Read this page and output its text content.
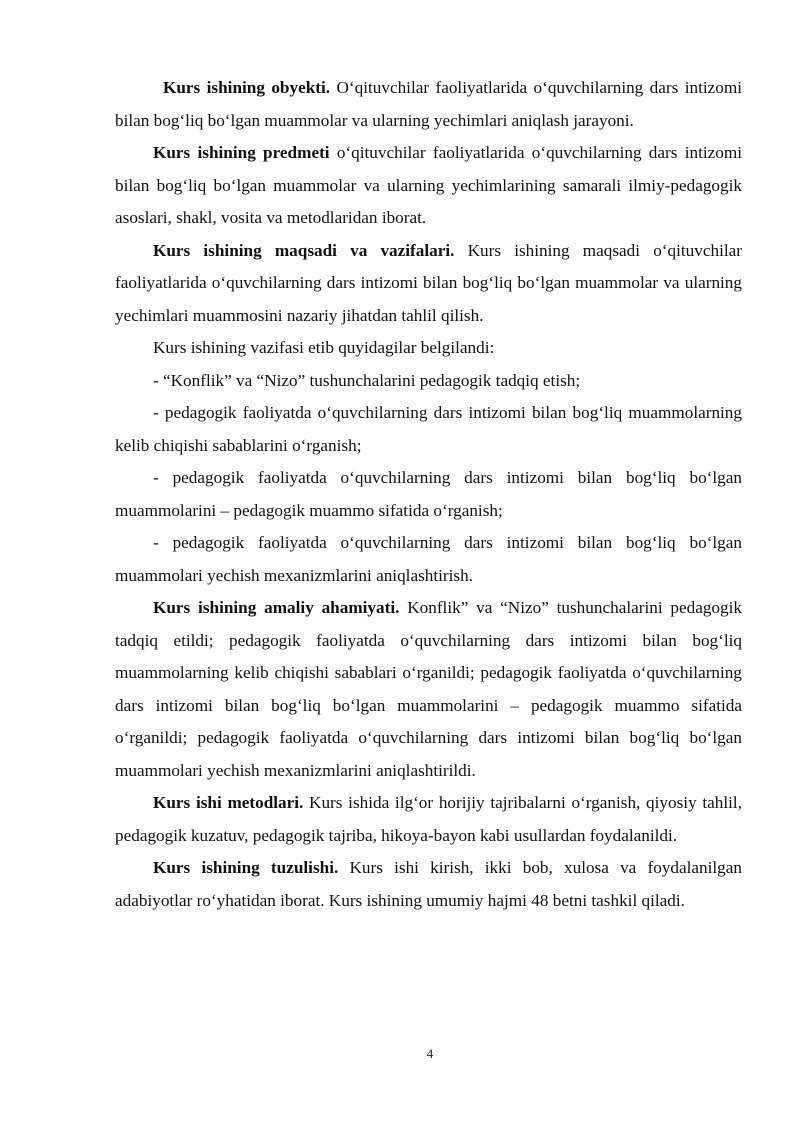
Kurs ishining obyekti. O‘qituvchilar faoliyatlarida o‘quvchilarning dars intizomi bilan bog‘liq bo‘lgan muammolar va ularning yechimlari aniqlash jarayoni.

Kurs ishining predmeti o‘qituvchilar faoliyatlarida o‘quvchilarning dars intizomi bilan bog‘liq bo‘lgan muammolar va ularning yechimlarining samarali ilmiy-pedagogik asoslari, shakl, vosita va metodlaridan iborat.

Kurs ishining maqsadi va vazifalari. Kurs ishining maqsadi o‘qituvchilar faoliyatlarida o‘quvchilarning dars intizomi bilan bog‘liq bo‘lgan muammolar va ularning yechimlari muammosini nazariy jihatdan tahlil qilish.

Kurs ishining vazifasi etib quyidagilar belgilandi:

- “Konflik” va “Nizo” tushunchalarini pedagogik tadqiq etish;

- pedagogik faoliyatda o‘quvchilarning dars intizomi bilan bog‘liq muammolarning kelib chiqishi sabablarini o‘rganish;

- pedagogik faoliyatda o‘quvchilarning dars intizomi bilan bog‘liq bo‘lgan muammolarini – pedagogik muammo sifatida o‘rganish;

- pedagogik faoliyatda o‘quvchilarning dars intizomi bilan bog‘liq bo‘lgan muammolari yechish mexanizmlarini aniqlashtirish.

Kurs ishining amaliy ahamiyati. Konflik” va “Nizo” tushunchalarini pedagogik tadqiq etildi; pedagogik faoliyatda o‘quvchilarning dars intizomi bilan bog‘liq muammolarning kelib chiqishi sabablari o‘rganildi; pedagogik faoliyatda o‘quvchilarning dars intizomi bilan bog‘liq bo‘lgan muammolarini – pedagogik muammo sifatida o‘rganildi; pedagogik faoliyatda o‘quvchilarning dars intizomi bilan bog‘liq bo‘lgan muammolari yechish mexanizmlarini aniqlashtirildi.

Kurs ishi metodlari. Kurs ishida ilg‘or horijiy tajribalarni o‘rganish, qiyosiy tahlil, pedagogik kuzatuv, pedagogik tajriba, hikoya-bayon kabi usullardan foydalanildi.

Kurs ishining tuzulishi. Kurs ishi kirish, ikki bob, xulosa va foydalanilgan adabiyotlar ro‘yhatidan iborat. Kurs ishining umumiy hajmi 48 betni tashkil qiladi.

4
